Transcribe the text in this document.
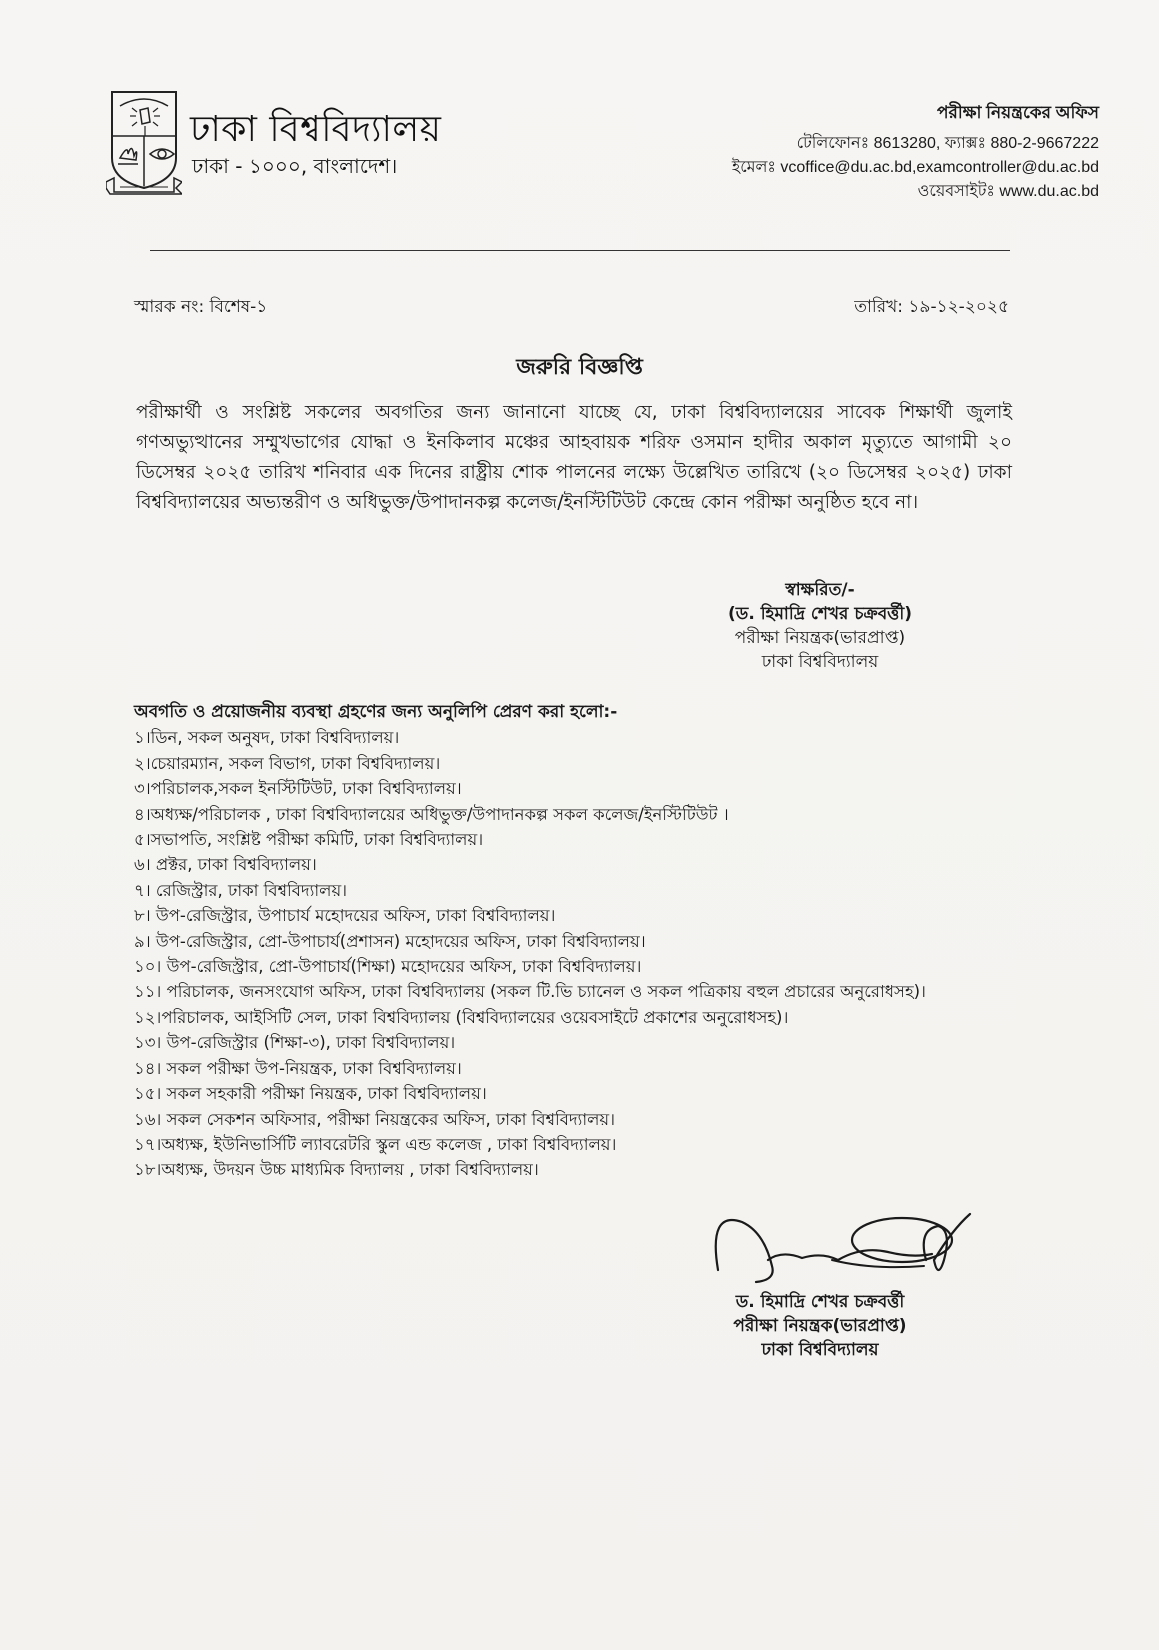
ঢাকা বিশ্ববিদ্যালয়
ঢাকা - ১০০০, বাংলাদেশ।
পরীক্ষা নিয়ন্ত্রকের অফিস
টেলিফোনঃ 8613280, ফ্যাক্সঃ 880-2-9667222
ইমেলঃ vcoffice@du.ac.bd,examcontroller@du.ac.bd
ওয়েবসাইটঃ www.du.ac.bd
স্মারক নং: বিশেষ-১	তারিখ: ১৯-১২-২০২৫
জরুরি বিজ্ঞপ্তি
পরীক্ষার্থী ও সংশ্লিষ্ট সকলের অবগতির জন্য জানানো যাচ্ছে যে, ঢাকা বিশ্ববিদ্যালয়ের সাবেক শিক্ষার্থী জুলাই গণঅভ্যুত্থানের সম্মুখভাগের যোদ্ধা ও ইনকিলাব মঞ্চের আহবায়ক শরিফ ওসমান হাদীর অকাল মৃত্যুতে আগামী ২০ ডিসেম্বর ২০২৫ তারিখ শনিবার এক দিনের রাষ্ট্রীয় শোক পালনের লক্ষ্যে উল্লেখিত তারিখে (২০ ডিসেম্বর ২০২৫) ঢাকা বিশ্ববিদ্যালয়ের অভ্যন্তরীণ ও অধিভুক্ত/উপাদানকল্প কলেজ/ইনস্টিটিউট কেন্দ্রে কোন পরীক্ষা অনুষ্ঠিত হবে না।
স্বাক্ষরিত/-
(ড. হিমাদ্রি শেখর চক্রবর্ত্তী)
পরীক্ষা নিয়ন্ত্রক(ভারপ্রাপ্ত)
ঢাকা বিশ্ববিদ্যালয়
অবগতি ও প্রয়োজনীয় ব্যবস্থা গ্রহণের জন্য অনুলিপি প্রেরণ করা হলো:-
১।ডিন, সকল অনুষদ, ঢাকা বিশ্ববিদ্যালয়।
২।চেয়ারম্যান, সকল বিভাগ, ঢাকা বিশ্ববিদ্যালয়।
৩।পরিচালক,সকল ইনস্টিটিউট, ঢাকা বিশ্ববিদ্যালয়।
৪।অধ্যক্ষ/পরিচালক , ঢাকা বিশ্ববিদ্যালয়ের অধিভুক্ত/উপাদানকল্প সকল কলেজ/ইনস্টিটিউট ।
৫।সভাপতি, সংশ্লিষ্ট পরীক্ষা কমিটি, ঢাকা বিশ্ববিদ্যালয়।
৬। প্রক্টর, ঢাকা বিশ্ববিদ্যালয়।
৭। রেজিস্ট্রার, ঢাকা বিশ্ববিদ্যালয়।
৮। উপ-রেজিস্ট্রার, উপাচার্য মহোদয়ের অফিস, ঢাকা বিশ্ববিদ্যালয়।
৯। উপ-রেজিস্ট্রার, প্রো-উপাচার্য(প্রশাসন) মহোদয়ের অফিস, ঢাকা বিশ্ববিদ্যালয়।
১০। উপ-রেজিস্ট্রার, প্রো-উপাচার্য(শিক্ষা) মহোদয়ের অফিস, ঢাকা বিশ্ববিদ্যালয়।
১১। পরিচালক, জনসংযোগ অফিস, ঢাকা বিশ্ববিদ্যালয় (সকল টি.ভি চ্যানেল ও সকল পত্রিকায় বহুল প্রচারের অনুরোধসহ)।
১২।পরিচালক, আইসিটি সেল, ঢাকা বিশ্ববিদ্যালয় (বিশ্ববিদ্যালয়ের ওয়েবসাইটে প্রকাশের অনুরোধসহ)।
১৩। উপ-রেজিস্ট্রার (শিক্ষা-৩), ঢাকা বিশ্ববিদ্যালয়।
১৪। সকল পরীক্ষা উপ-নিয়ন্ত্রক, ঢাকা বিশ্ববিদ্যালয়।
১৫। সকল সহকারী পরীক্ষা নিয়ন্ত্রক, ঢাকা বিশ্ববিদ্যালয়।
১৬। সকল সেকশন অফিসার, পরীক্ষা নিয়ন্ত্রকের অফিস, ঢাকা বিশ্ববিদ্যালয়।
১৭।অধ্যক্ষ, ইউনিভার্সিটি ল্যাবরেটরি স্কুল এন্ড কলেজ , ঢাকা বিশ্ববিদ্যালয়।
১৮।অধ্যক্ষ, উদয়ন উচ্চ মাধ্যমিক বিদ্যালয় , ঢাকা বিশ্ববিদ্যালয়।
ড. হিমাদ্রি শেখর চক্রবর্ত্তী
পরীক্ষা নিয়ন্ত্রক(ভারপ্রাপ্ত)
ঢাকা বিশ্ববিদ্যালয়
